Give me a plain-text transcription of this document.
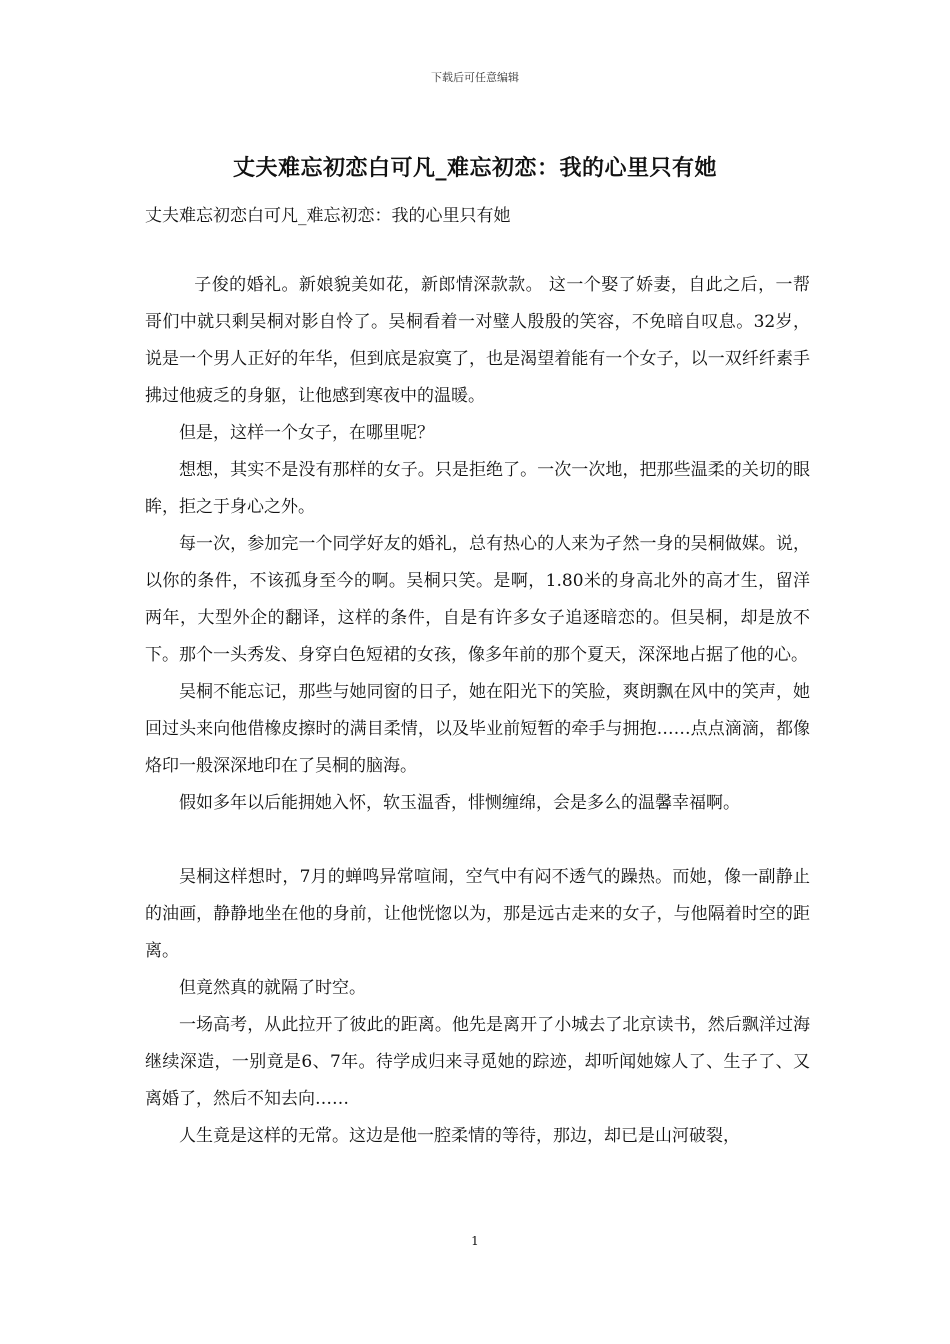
下载后可任意编辑
丈夫难忘初恋白可凡_难忘初恋：我的心里只有她
丈夫难忘初恋白可凡_难忘初恋：我的心里只有她

子俊的婚礼。新娘貌美如花，新郎情深款款。 这一个娶了娇妻，自此之后，一帮哥们中就只剩吴桐对影自怜了。吴桐看着一对璧人殷殷的笑容，不免暗自叹息。32岁，说是一个男人正好的年华，但到底是寂寞了，也是渴望着能有一个女子，以一双纤纤素手拂过他疲乏的身躯，让他感到寒夜中的温暖。

但是，这样一个女子，在哪里呢？

想想，其实不是没有那样的女子。只是拒绝了。一次一次地，把那些温柔的关切的眼眸，拒之于身心之外。

每一次，参加完一个同学好友的婚礼，总有热心的人来为孑然一身的吴桐做媒。说，以你的条件，不该孤身至今的啊。吴桐只笑。是啊，1.80米的身高北外的高才生，留洋两年，大型外企的翻译，这样的条件，自是有许多女子追逐暗恋的。但吴桐，却是放不下。那个一头秀发、身穿白色短裙的女孩，像多年前的那个夏天，深深地占据了他的心。

吴桐不能忘记，那些与她同窗的日子，她在阳光下的笑脸，爽朗飘在风中的笑声，她回过头来向他借橡皮擦时的满目柔情，以及毕业前短暂的牵手与拥抱……点点滴滴，都像烙印一般深深地印在了吴桐的脑海。

假如多年以后能拥她入怀，软玉温香，悱恻缠绵，会是多么的温馨幸福啊。

吴桐这样想时，7月的蝉鸣异常喧闹，空气中有闷不透气的躁热。而她，像一副静止的油画，静静地坐在他的身前，让他恍惚以为，那是远古走来的女子，与他隔着时空的距离。

但竟然真的就隔了时空。

一场高考，从此拉开了彼此的距离。他先是离开了小城去了北京读书，然后飘洋过海继续深造，一别竟是6、7年。待学成归来寻觅她的踪迹，却听闻她嫁人了、生子了、又离婚了，然后不知去向……

人生竟是这样的无常。这边是他一腔柔情的等待，那边，却已是山河破裂，

1
